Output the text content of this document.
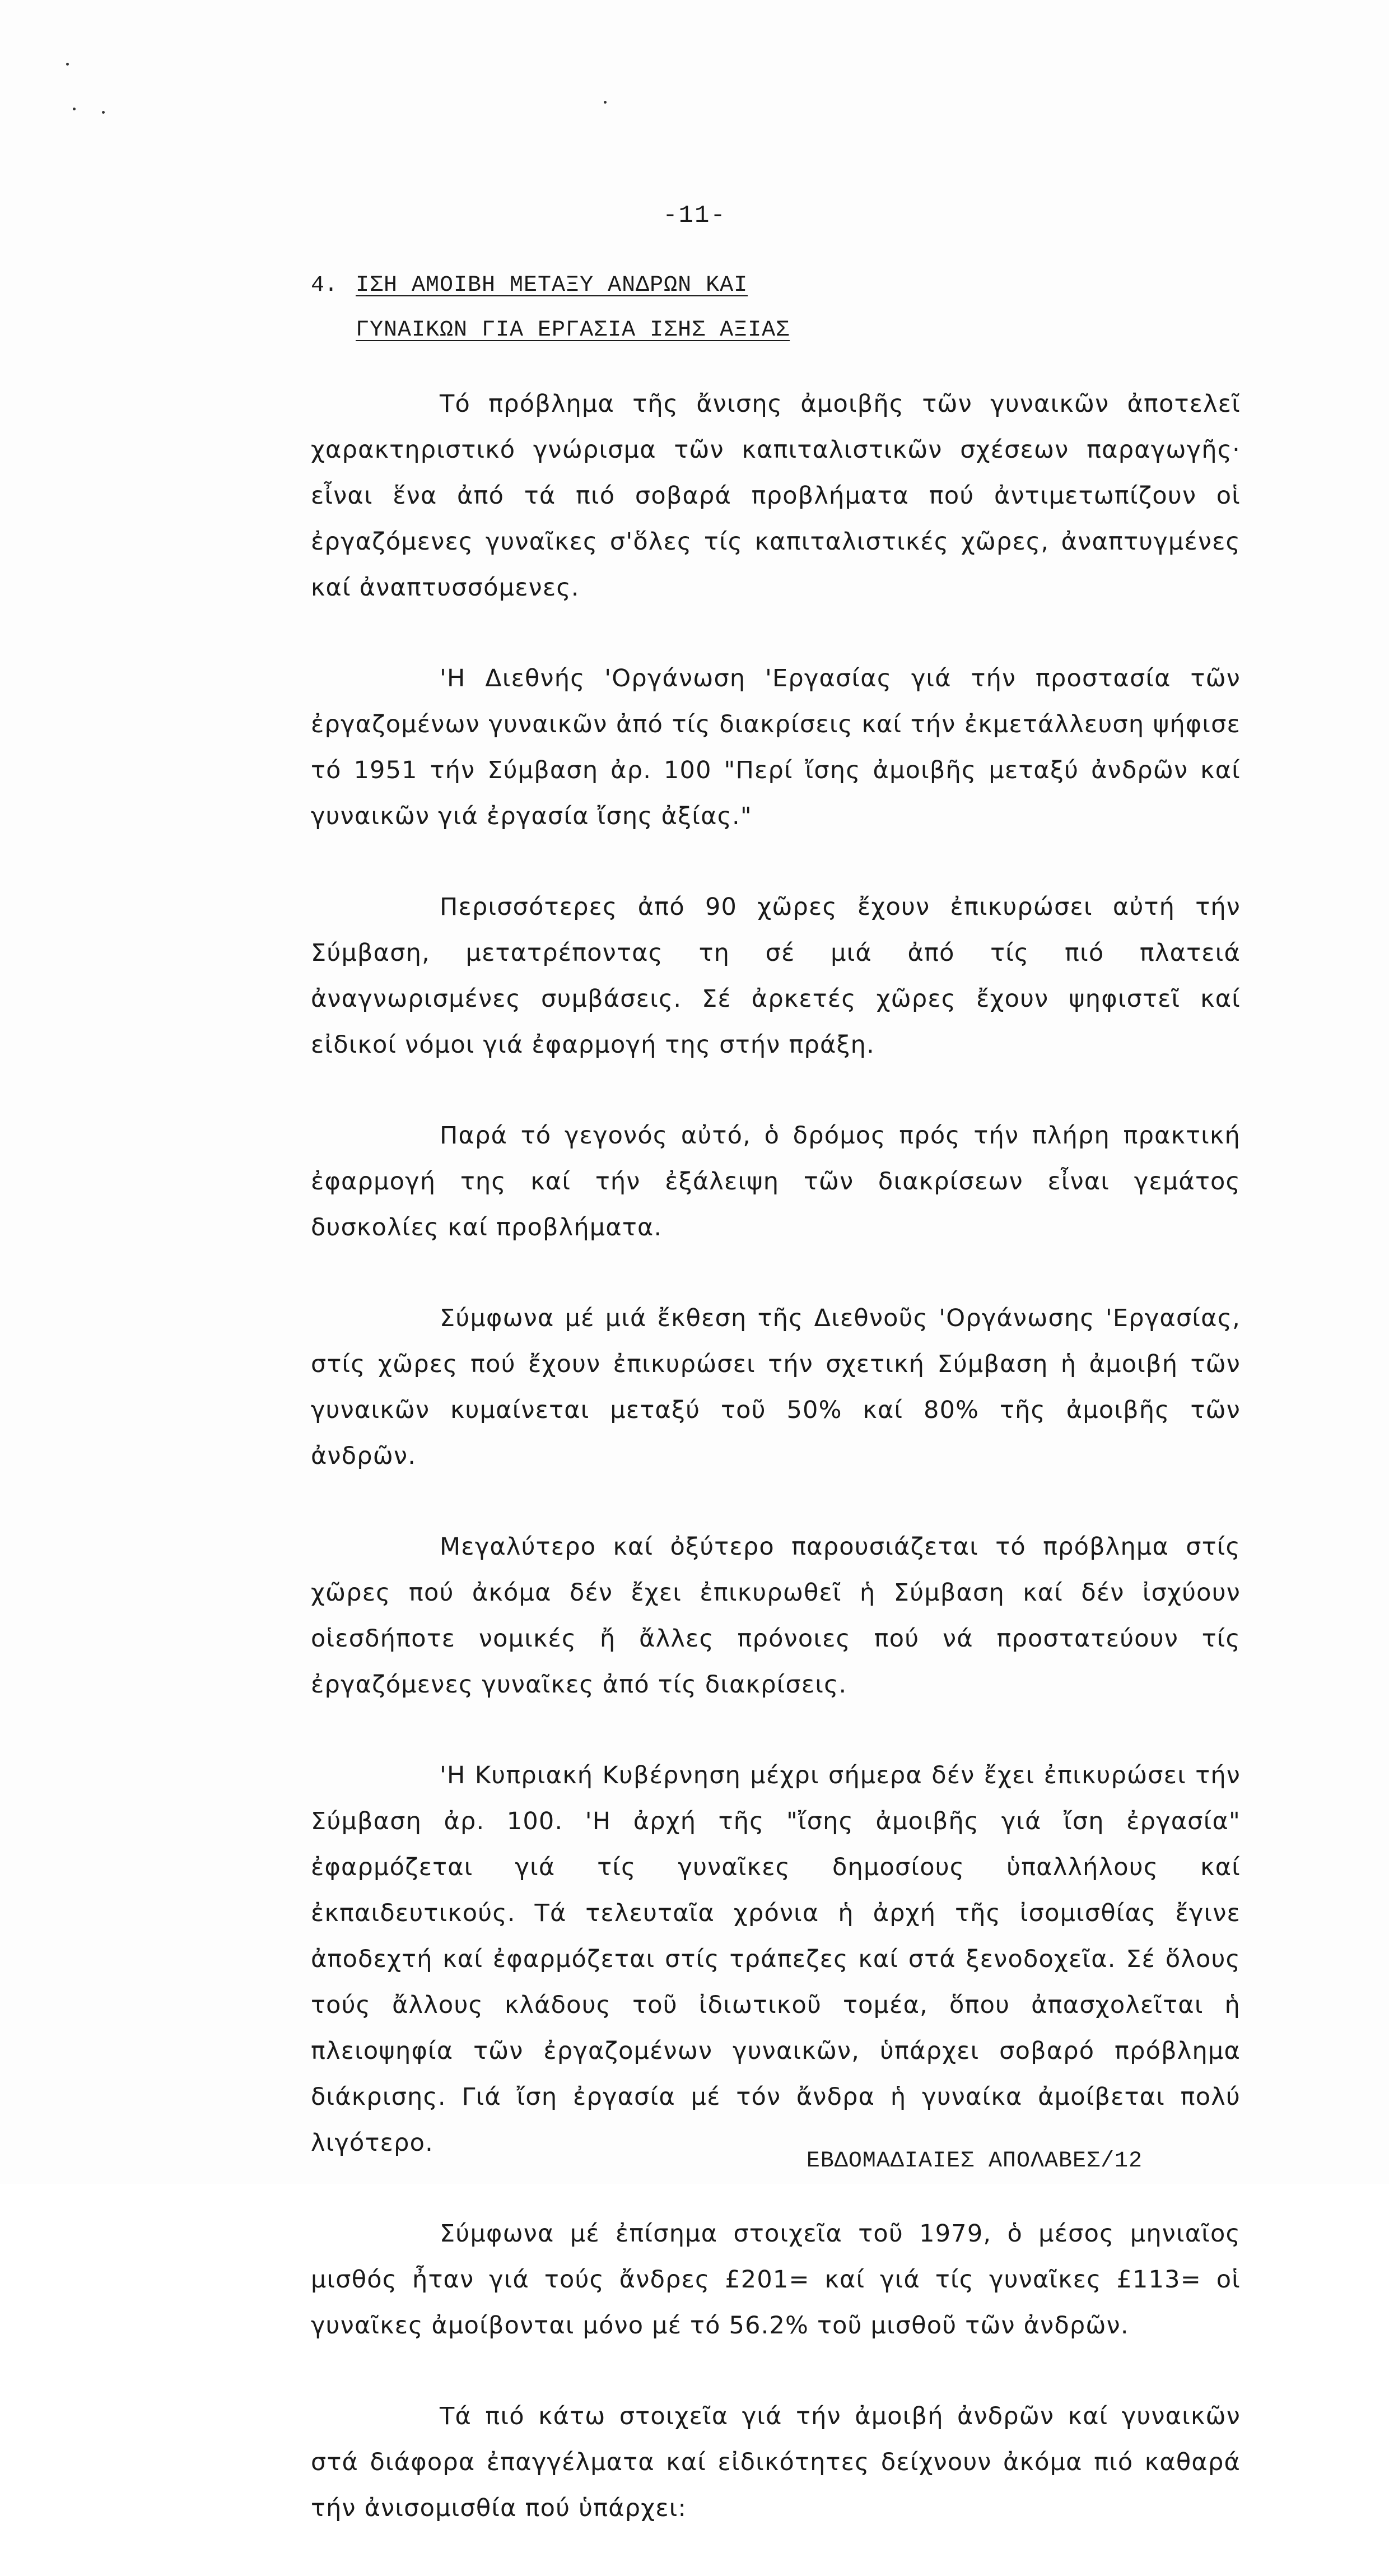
-11-
4. ΙΣΗ ΑΜΟΙΒΗ ΜΕΤΑΞΥ ΑΝΔΡΩΝ ΚΑΙ
ΓΥΝΑΙΚΩΝ ΓΙΑ ΕΡΓΑΣΙΑ ΙΣΗΣ ΑΞΙΑΣ

Τό πρόβλημα τῆς ἄνισης ἀμοιβῆς τῶν γυναικῶν ἀποτελεῖ χαρακτηριστικό γνώρισμα τῶν καπιταλιστικῶν σχέσεων παραγωγῆς· εἶναι ἕνα ἀπό τά πιό σοβαρά προβλήματα πού ἀντιμετωπίζουν οἱ ἐργαζόμενες γυναῖκες σ'ὅλες τίς καπιταλιστικές χῶρες, ἀναπτυγμένες καί ἀναπτυσσόμενες.

'Η Διεθνής 'Οργάνωση 'Εργασίας γιά τήν προστασία τῶν ἐργαζομένων γυναικῶν ἀπό τίς διακρίσεις καί τήν ἐκμετάλλευση ψήφισε τό 1951 τήν Σύμβαση ἀρ. 100 "Περί ἴσης ἀμοιβῆς μεταξύ ἀνδρῶν καί γυναικῶν γιά ἐργασία ἴσης ἀξίας."

Περισσότερες ἀπό 90 χῶρες ἔχουν ἐπικυρώσει αὐτή τήν Σύμβαση, μετατρέποντας τη σέ μιά ἀπό τίς πιό πλατειά ἀναγνωρισμένες συμβάσεις. Σέ ἀρκετές χῶρες ἔχουν ψηφιστεῖ καί εἰδικοί νόμοι γιά ἐφαρμογή της στήν πράξη.

Παρά τό γεγονός αὐτό, ὁ δρόμος πρός τήν πλήρη πρακτική ἐφαρμογή της καί τήν ἐξάλειψη τῶν διακρίσεων εἶναι γεμάτος δυσκολίες καί προβλήματα.

Σύμφωνα μέ μιά ἔκθεση τῆς Διεθνοῦς 'Οργάνωσης 'Εργασίας, στίς χῶρες πού ἔχουν ἐπικυρώσει τήν σχετική Σύμβαση ἡ ἀμοιβή τῶν γυναικῶν κυμαίνεται μεταξύ τοῦ 50% καί 80% τῆς ἀμοιβῆς τῶν ἀνδρῶν.

Μεγαλύτερο καί ὀξύτερο παρουσιάζεται τό πρόβλημα στίς χῶρες πού ἀκόμα δέν ἔχει ἐπικυρωθεῖ ἡ Σύμβαση καί δέν ἰσχύουν οἱεσδήποτε νομικές ἤ ἄλλες πρόνοιες πού νά προστατεύουν τίς ἐργαζόμενες γυναῖκες ἀπό τίς διακρίσεις.

'Η Κυπριακή Κυβέρνηση μέχρι σήμερα δέν ἔχει ἐπικυρώσει τήν Σύμβαση ἀρ. 100. 'Η ἀρχή τῆς "ἴσης ἀμοιβῆς γιά ἴση ἐργασία" ἐφαρμόζεται γιά τίς γυναῖκες δημοσίους ὑπαλλήλους καί ἐκπαιδευτικούς. Τά τελευταῖα χρόνια ἡ ἀρχή τῆς ἰσομισθίας ἔγινε ἀποδεχτή καί ἐφαρμόζεται στίς τράπεζες καί στά ξενοδοχεῖα. Σέ ὅλους τούς ἄλλους κλάδους τοῦ ἰδιωτικοῦ τομέα, ὅπου ἀπασχολεῖται ἡ πλειοψηφία τῶν ἐργαζομένων γυναικῶν, ὑπάρχει σοβαρό πρόβλημα διάκρισης. Γιά ἴση ἐργασία μέ τόν ἄνδρα ἡ γυναίκα ἀμοίβεται πολύ λιγότερο.

Σύμφωνα μέ ἐπίσημα στοιχεῖα τοῦ 1979, ὁ μέσος μηνιαῖος μισθός ἦταν γιά τούς ἄνδρες £201= καί γιά τίς γυναῖκες £113= οἱ γυναῖκες ἀμοίβονται μόνο μέ τό 56.2% τοῦ μισθοῦ τῶν ἀνδρῶν.

Τά πιό κάτω στοιχεῖα γιά τήν ἀμοιβή ἀνδρῶν καί γυναικῶν στά διάφορα ἐπαγγέλματα καί εἰδικότητες δείχνουν ἀκόμα πιό καθαρά τήν ἀνισομισθία πού ὑπάρχει:

ΕΒΔΟΜΑΔΙΑΙΕΣ ΑΠΟΛΑΒΕΣ/12
